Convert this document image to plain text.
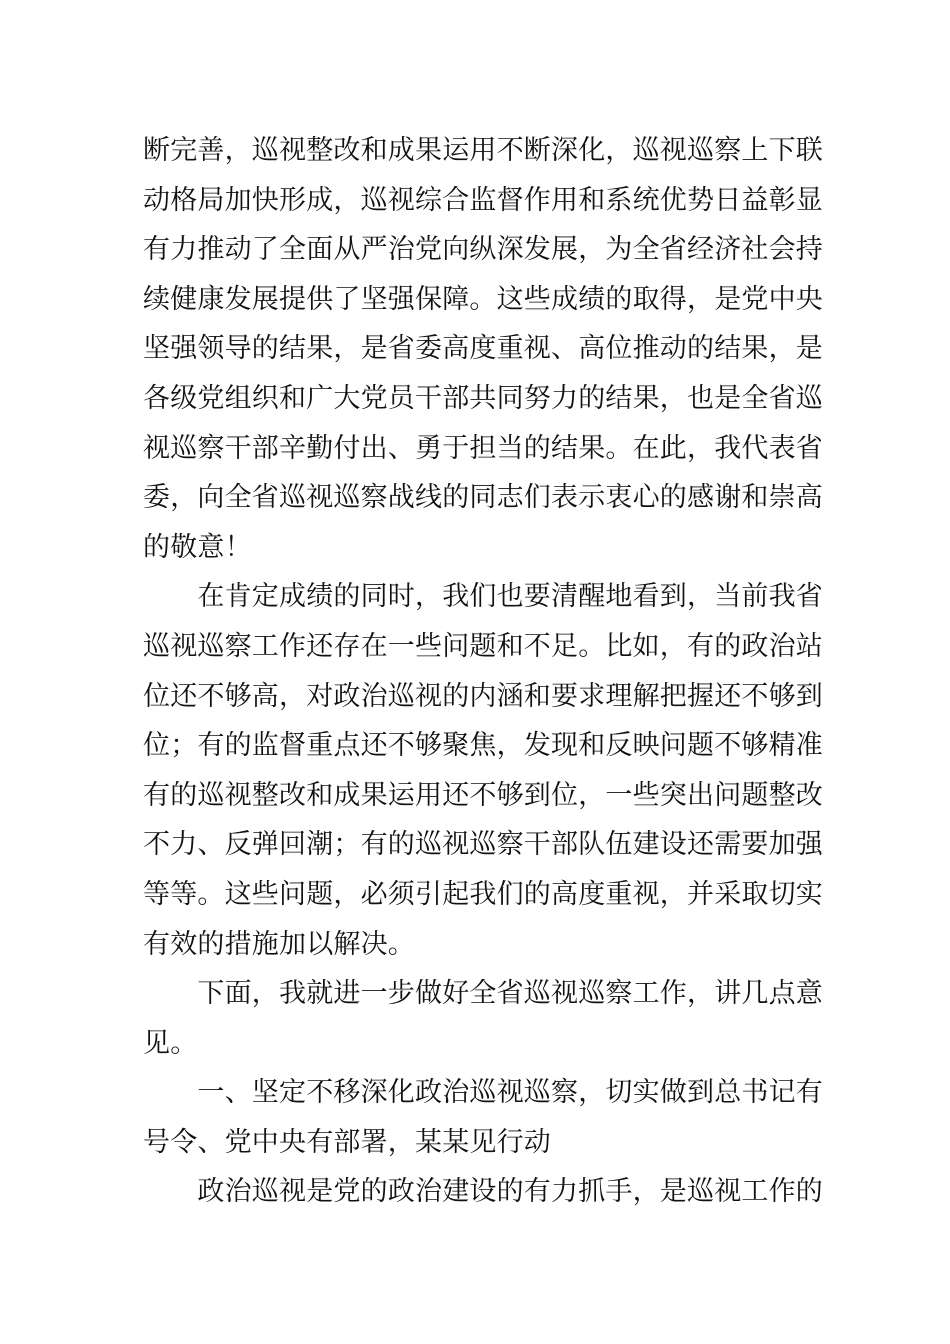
断完善，巡视整改和成果运用不断深化，巡视巡察上下联
动格局加快形成，巡视综合监督作用和系统优势日益彰显
有力推动了全面从严治党向纵深发展，为全省经济社会持
续健康发展提供了坚强保障。这些成绩的取得，是党中央
坚强领导的结果，是省委高度重视、高位推动的结果，是
各级党组织和广大党员干部共同努力的结果，也是全省巡
视巡察干部辛勤付出、勇于担当的结果。在此，我代表省
委，向全省巡视巡察战线的同志们表示衷心的感谢和崇高
的敬意！
　　在肯定成绩的同时，我们也要清醒地看到，当前我省
巡视巡察工作还存在一些问题和不足。比如，有的政治站
位还不够高，对政治巡视的内涵和要求理解把握还不够到
位；有的监督重点还不够聚焦，发现和反映问题不够精准
有的巡视整改和成果运用还不够到位，一些突出问题整改
不力、反弹回潮；有的巡视巡察干部队伍建设还需要加强
等等。这些问题，必须引起我们的高度重视，并采取切实
有效的措施加以解决。
　　下面，我就进一步做好全省巡视巡察工作，讲几点意
见。
　　一、坚定不移深化政治巡视巡察，切实做到总书记有
号令、党中央有部署，某某见行动
　　政治巡视是党的政治建设的有力抓手，是巡视工作的
